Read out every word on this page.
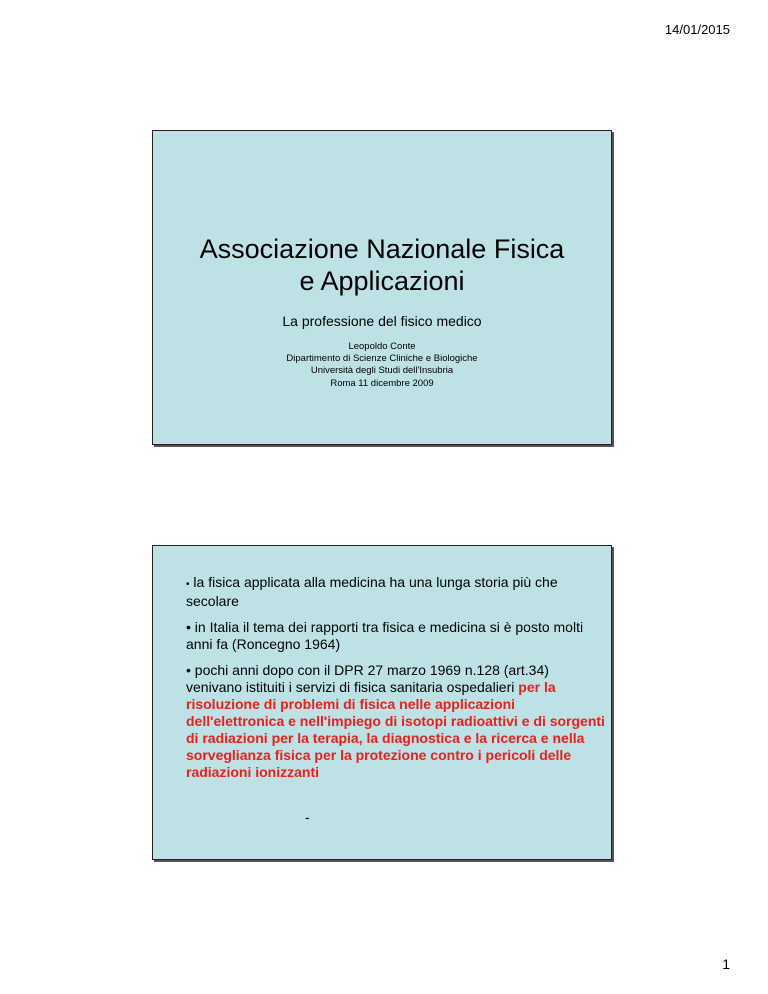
14/01/2015
Associazione Nazionale Fisica
e Applicazioni
La professione del fisico medico
Leopoldo Conte
Dipartimento di Scienze Cliniche e Biologiche
Università degli Studi dell'Insubria
Roma 11 dicembre 2009

• la fisica applicata alla medicina ha una lunga storia più che secolare

• in Italia il tema dei rapporti tra fisica e medicina si è posto molti anni fa (Roncegno 1964)

• pochi anni dopo con il DPR 27 marzo 1969 n.128 (art.34) venivano istituiti i servizi di fisica sanitaria ospedalieri per la risoluzione di problemi di fisica nelle applicazioni dell'elettronica e nell'impiego di isotopi radioattivi e di sorgenti di radiazioni per la terapia, la diagnostica e la ricerca e nella sorveglianza fisica per la protezione contro i pericoli delle radiazioni ionizzanti

-
1
